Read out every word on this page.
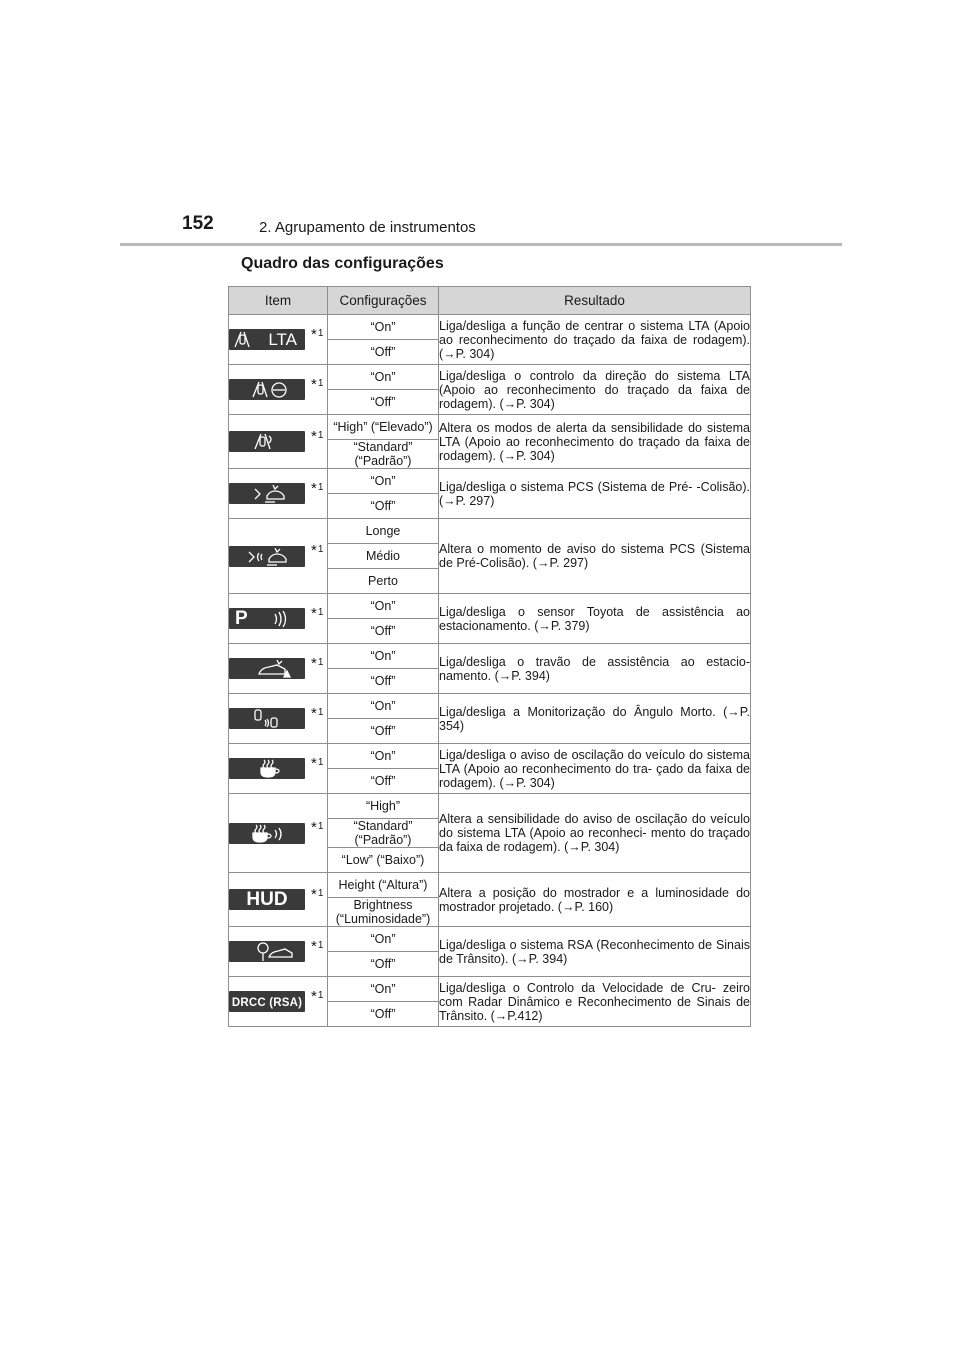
152	2. Agrupamento de instrumentos
Quadro das configurações
Item	Configurações	Resultado

LTA *$^1$	“On”	Liga/desliga a função de centrar o sistema LTA (Apoio ao reconhecimento do traçado da faixa de rodagem). (→P. 304)
	“Off”	

*$^1$	“On”	Liga/desliga o controlo da direção do sistema LTA (Apoio ao reconhecimento do traçado da faixa de rodagem). (→P. 304)
	“Off”	

*$^1$	“High” (“Elevado”)	Altera os modos de alerta da sensibilidade do sistema LTA (Apoio ao reconhecimento do traçado da faixa de rodagem). (→P. 304)
	“Standard” (“Padrão”)	

*$^1$	“On”	Liga/desliga o sistema PCS (Sistema de Pré- -Colisão). (→P. 297)
	“Off”	

*$^1$	Longe	Altera o momento de aviso do sistema PCS (Sistema de Pré-Colisão). (→P. 297)
	Médio	
	Perto	

P *$^1$	“On”	Liga/desliga o sensor Toyota de assistência ao estacionamento. (→P. 379)
	“Off”	

*$^1$	“On”	Liga/desliga o travão de assistência ao estacio- namento. (→P. 394)
	“Off”	

*$^1$	“On”	Liga/desliga a Monitorização do Ângulo Morto. (→P. 354)
	“Off”	

*$^1$	“On”	Liga/desliga o aviso de oscilação do veículo do sistema LTA (Apoio ao reconhecimento do tra- çado da faixa de rodagem). (→P. 304)
	“Off”	

*$^1$	“High”	Altera a sensibilidade do aviso de oscilação do veículo do sistema LTA (Apoio ao reconheci- mento do traçado da faixa de rodagem). (→P. 304)
	“Standard” (“Padrão”)	
	“Low” (“Baixo”)	

HUD *$^1$	Height (“Altura”)	Altera a posição do mostrador e a luminosidade do mostrador projetado. (→P. 160)
	Brightness (“Luminosidade”)	

*$^1$	“On”	Liga/desliga o sistema RSA (Reconhecimento de Sinais de Trânsito). (→P. 394)
	“Off”	

DRCC (RSA) *$^1$	“On”	Liga/desliga o Controlo da Velocidade de Cru- zeiro com Radar Dinâmico e Reconhecimento de Sinais de Trânsito. (→P.412)
	“Off”	
